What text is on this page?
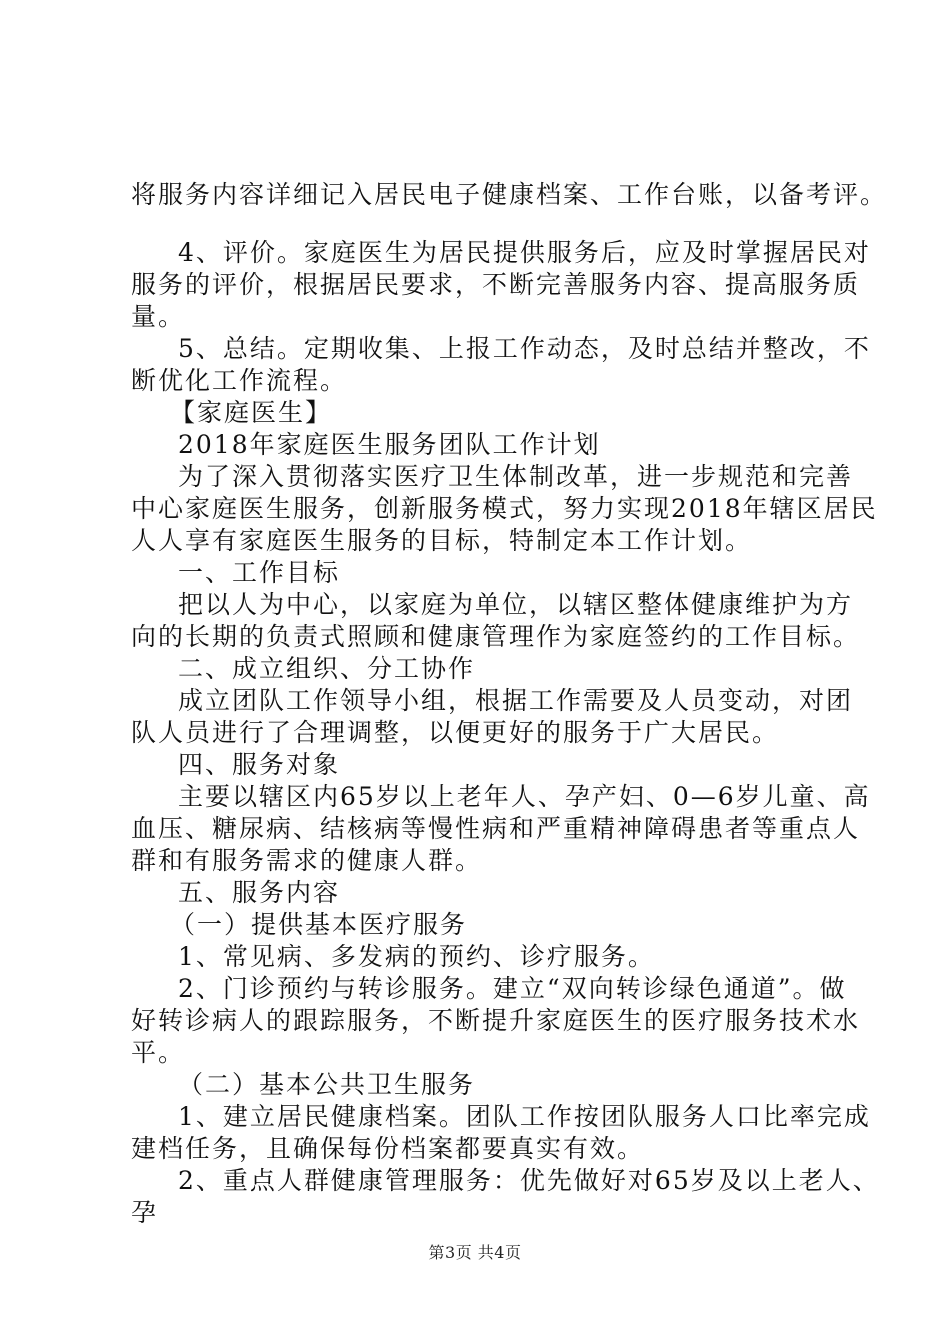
将服务内容详细记入居民电子健康档案、工作台账，以备考评。
4、评价。家庭医生为居民提供服务后，应及时掌握居民对
服务的评价，根据居民要求，不断完善服务内容、提高服务质
量。
5、总结。定期收集、上报工作动态，及时总结并整改，不
断优化工作流程。
【家庭医生】
2018年家庭医生服务团队工作计划
为了深入贯彻落实医疗卫生体制改革，进一步规范和完善
中心家庭医生服务，创新服务模式，努力实现2018年辖区居民
人人享有家庭医生服务的目标，特制定本工作计划。
一、工作目标
把以人为中心，以家庭为单位，以辖区整体健康维护为方
向的长期的负责式照顾和健康管理作为家庭签约的工作目标。
二、成立组织、分工协作
成立团队工作领导小组，根据工作需要及人员变动，对团
队人员进行了合理调整，以便更好的服务于广大居民。
四、服务对象
主要以辖区内65岁以上老年人、孕产妇、0—6岁儿童、高
血压、糖尿病、结核病等慢性病和严重精神障碍患者等重点人
群和有服务需求的健康人群。
五、服务内容
（一）提供基本医疗服务
1、常见病、多发病的预约、诊疗服务。
2、门诊预约与转诊服务。建立“双向转诊绿色通道”。做
好转诊病人的跟踪服务，不断提升家庭医生的医疗服务技术水
平。
（二）基本公共卫生服务
1、建立居民健康档案。团队工作按团队服务人口比率完成
建档任务，且确保每份档案都要真实有效。
2、重点人群健康管理服务：优先做好对65岁及以上老人、
孕
第3页 共4页
